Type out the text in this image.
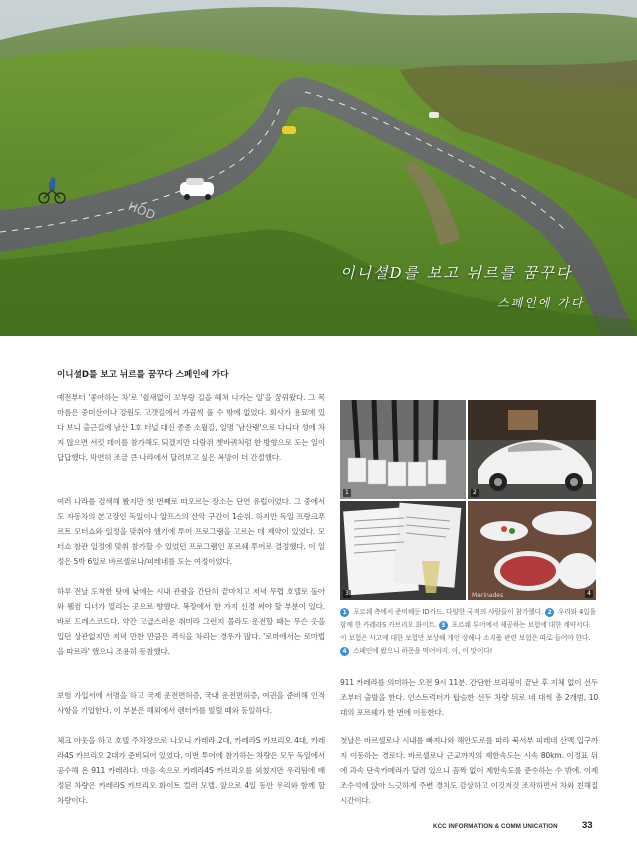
HOD
이니셜D를 보고 뉘르를 꿈꾸다
스페인에 가다
이니셜D를 보고 뉘르를 꿈꾸다 스페인에 가다

예전부터 '좋아하는 차'로 '쉴새없이 꼬부랑 길을 헤쳐 나가는 일'을 꿈꿔왔다. 그 목마름은 중미산이나 강원도 고갯길에서 가끔씩 풀 수 밖에 없었다. 회사가 용료에 있다 보니 출근길에 남산 1호 터널 대신 종종 소월길, 일명 '남산랭'으로 다니다 성에 차지 않으면 서킷 데이를 참가해도 되겠지만 다람쥐 쳇바퀴처럼 한 방향으로 도는 일이 답답했다. 막연히 조금 큰 나라에서 달려보고 싶은 욕망이 더 간절했다.

여러 나라를 검색해 봤지만 첫 번째로 떠오르는 장소는 단연 유럽이었다. 그 중에서도 자동차의 본고장인 독일이나 알프스의 산악 구간이 1순위. 하지만 독일 프랑크푸르트 모터쇼와 일정을 맞춰야 했기에 투어 프로그램을 고르는 데 제약이 있었다. 모터쇼 참관 일정에 맞춰 참가할 수 있었던 프로그램인 포르쉐 투어로 결정했다. 이 일정은 5박 6일로 바르셀로나/피레네를 도는 여정이었다.

하루 전날 도착한 탓에 낮에는 시내 관광을 간단히 끝마치고 저녁 무렵 호텔로 돌아와 웰컴 디너가 열리는 곳으로 향했다. 복장에서 한 가지 신경 써야 할 부분이 있다. 바로 드레스코드다. 약간 고급스러운 취미라 그런지 몰라도 운전할 때는 무슨 옷을 입던 상관없지만 저녁 만찬 만큼은 격식을 차리는 경우가 많다. '로마에서는 로마법을 따르라' 했으니 조용히 동참했다.

보험 가입서에 서명을 하고 국제 운전면허증, 국내 운전면허증, 여권을 준비해 인적 사항을 기입한다. 이 부분은 해외에서 렌터카를 빌릴 때와 동일하다.

체크 아웃을 하고 호텔 주차장으로 나오니 카레라 2대, 카레라S 카브리오 4대, 카레라4S 카브리오 2대가 준비되어 있었다. 이번 투어에 참가하는 차량은 모두 독일에서 공수해 온 911 카레라다. 마음 속으로 카레라4S 카브리오를 외쳤지만 우리팀에 배정된 차량은 카레라S 카브리오 화이트 컬러 모델. 앞으로 4일 동안 우리와 함께 할 차량이다.

1	2
3	Marinades	4
1 포르쉐 측에서 준비해둔 ID카드. 다양한 국적의 사람들이 참가했다. 2 우리와 4일을 함께 한 카레라S 카브리오 화이트. 3 포르쉐 투어에서 제공하는 보험에 대한 계약서다. 이 보험은 사고에 대한 보험만 보상해 개인 상해나 소지품 관련 보험은 따로 들어야 한다. 4 스페인에 왔으니 하몽을 먹어야지. 아, 이 맛이다!

911 카레라를 의미하는 오전 9시 11분. 간단한 브리핑이 끝난 후 지체 없이 선두조부터 출발을 한다. 인스트럭터가 탑승한 선두 차량 뒤로 네 대씩 총 2개범, 10대의 포르쉐가 한 번에 이동한다.

첫날은 바르셀로나 시내를 빠져나와 해안도로를 따라 북서부 피레네 산맥 입구까지 이동하는 경로다. 바르셀로나 근교까지의 제한속도는 시속 80km. 이정표 뒤에 과속 단속카메라가 달려 있으니 꼼짝 없이 제한속도를 준수하는 수 밖에. 이제 조수석에 앉아 느긋하게 주변 경치도 감상하고 이것저것 조작하면서 차와 친해질 시간이다.

KCC INFORMATION & COMM UNICATION	33
